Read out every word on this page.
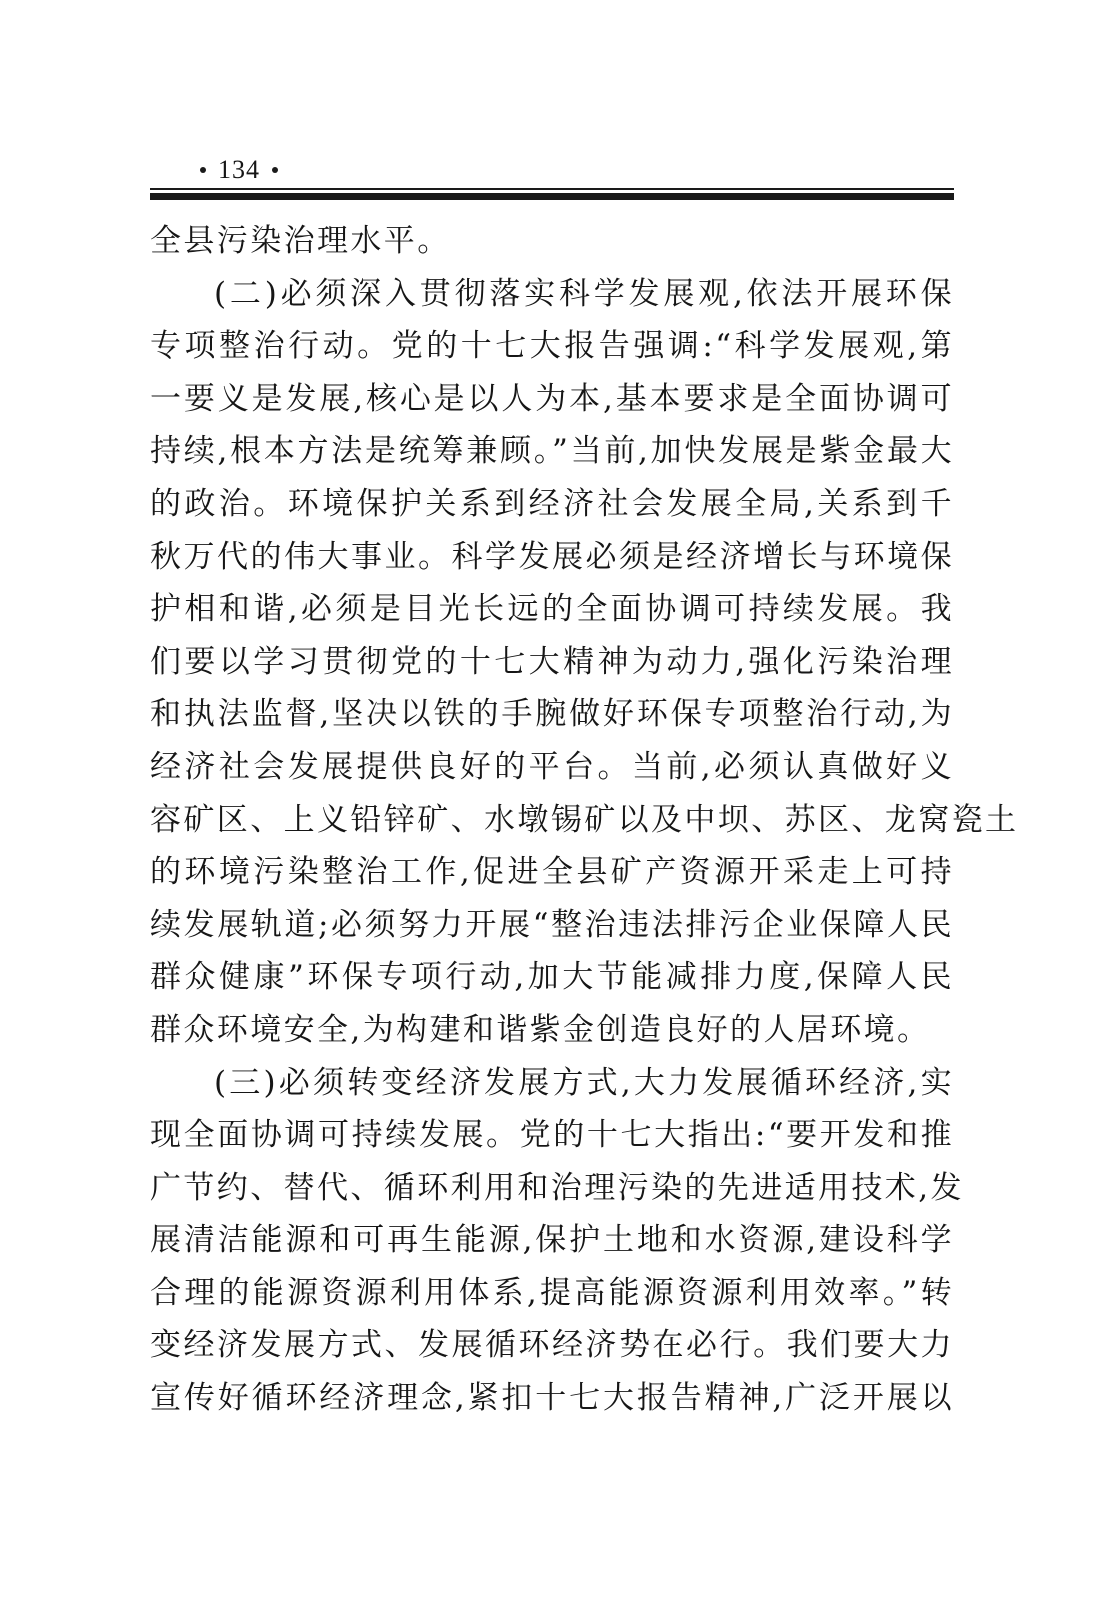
134
全县污染治理水平。
(二)必须深入贯彻落实科学发展观,依法开展环保
专项整治行动。党的十七大报告强调:“科学发展观,第
一要义是发展,核心是以人为本,基本要求是全面协调可
持续,根本方法是统筹兼顾。”当前,加快发展是紫金最大
的政治。环境保护关系到经济社会发展全局,关系到千
秋万代的伟大事业。科学发展必须是经济增长与环境保
护相和谐,必须是目光长远的全面协调可持续发展。我
们要以学习贯彻党的十七大精神为动力,强化污染治理
和执法监督,坚决以铁的手腕做好环保专项整治行动,为
经济社会发展提供良好的平台。当前,必须认真做好义
容矿区、上义铅锌矿、水墩锡矿以及中坝、苏区、龙窝瓷土
的环境污染整治工作,促进全县矿产资源开采走上可持
续发展轨道;必须努力开展“整治违法排污企业保障人民
群众健康”环保专项行动,加大节能减排力度,保障人民
群众环境安全,为构建和谐紫金创造良好的人居环境。
(三)必须转变经济发展方式,大力发展循环经济,实
现全面协调可持续发展。党的十七大指出:“要开发和推
广节约、替代、循环利用和治理污染的先进适用技术,发
展清洁能源和可再生能源,保护土地和水资源,建设科学
合理的能源资源利用体系,提高能源资源利用效率。”转
变经济发展方式、发展循环经济势在必行。我们要大力
宣传好循环经济理念,紧扣十七大报告精神,广泛开展以
